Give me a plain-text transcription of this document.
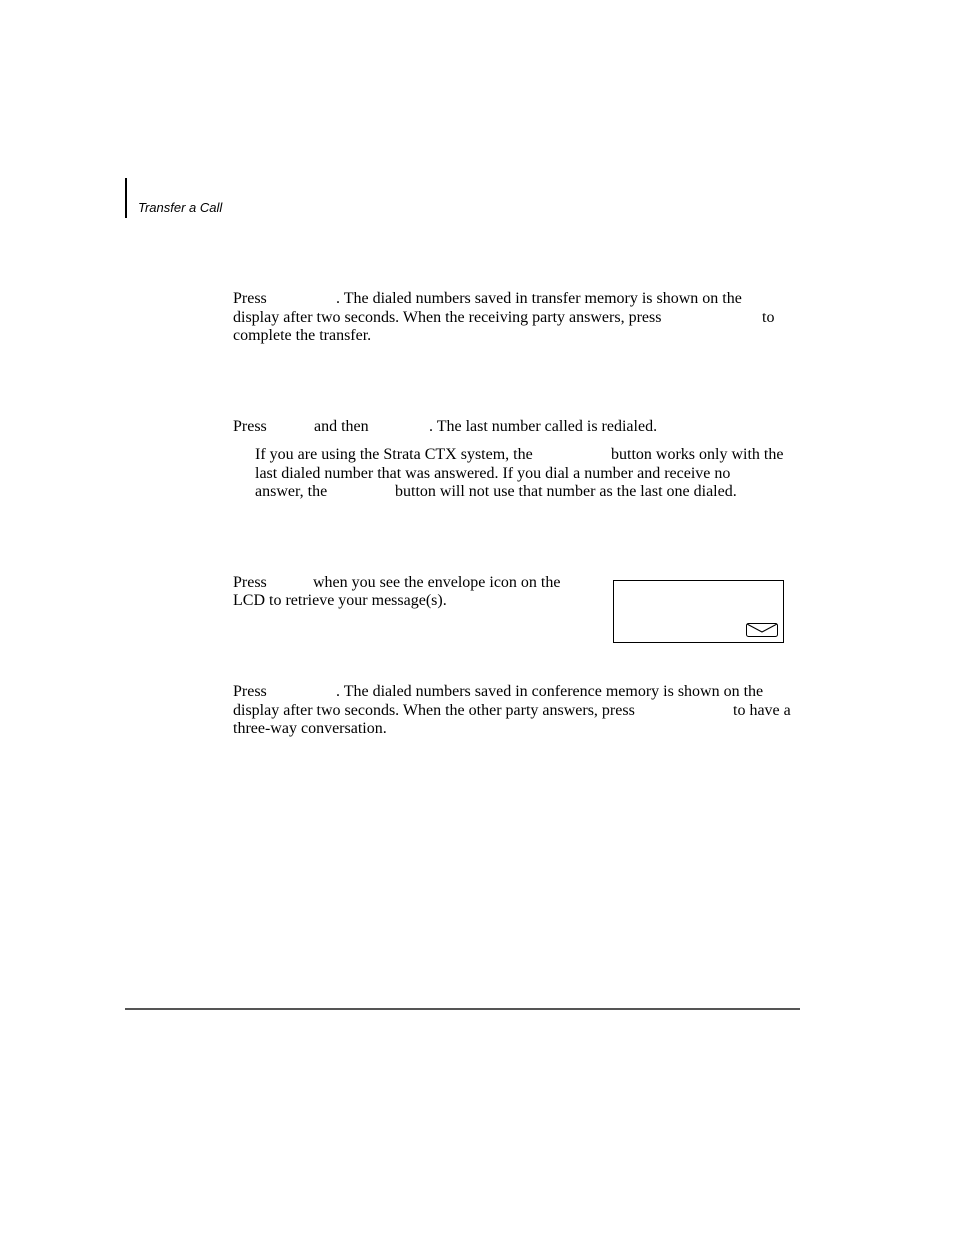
Transfer a Call
Press	. The dialed numbers saved in transfer memory is shown on the
display after two seconds. When the receiving party answers, press	to
complete the transfer.
Press	and then	. The last number called is redialed.
If you are using the Strata CTX system, the	button works only with the
last dialed number that was answered. If you dial a number and receive no
answer, the	button will not use that number as the last one dialed.
Press	when you see the envelope icon on the
LCD to retrieve your message(s).
Press	. The dialed numbers saved in conference memory is shown on the
display after two seconds. When the other party answers, press	to have a
three-way conversation.
